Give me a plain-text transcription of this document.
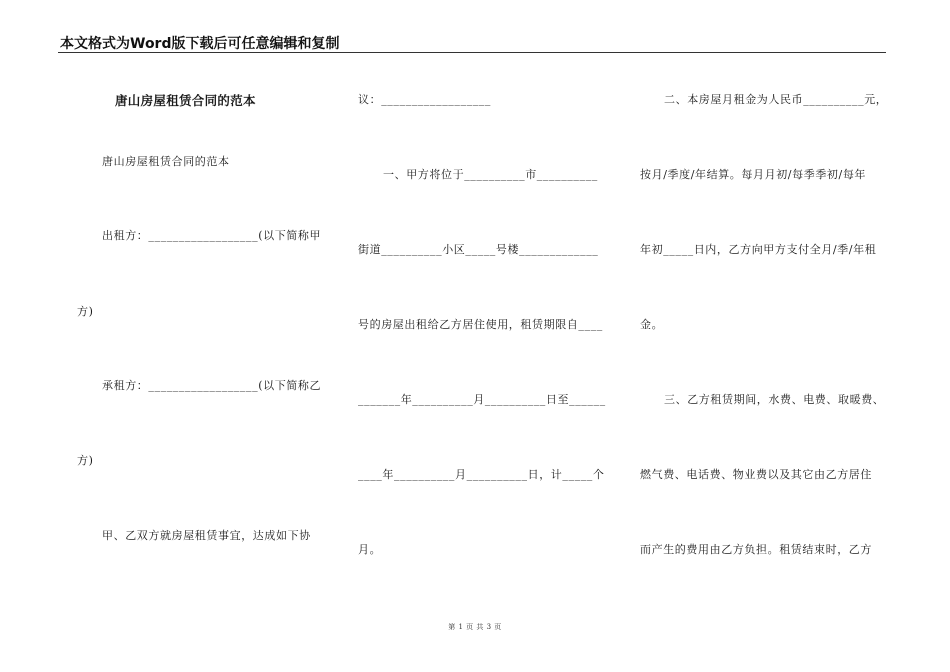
本文格式为Word版下载后可任意编辑和复制
唐山房屋租赁合同的范本
唐山房屋租赁合同的范本
出租方：__________________(以下简称甲
方)
承租方：__________________(以下简称乙
方)
甲、乙双方就房屋租赁事宜，达成如下协
议：__________________
一、甲方将位于__________市__________
街道__________小区_____号楼_____________
号的房屋出租给乙方居住使用，租赁期限自____
_______年__________月__________日至______
____年__________月__________日，计_____个
月。
二、本房屋月租金为人民币__________元，
按月/季度/年结算。每月月初/每季季初/每年
年初_____日内，乙方向甲方支付全月/季/年租
金。
三、乙方租赁期间，水费、电费、取暖费、
燃气费、电话费、物业费以及其它由乙方居住
而产生的费用由乙方负担。租赁结束时，乙方
第 1 页 共 3 页
